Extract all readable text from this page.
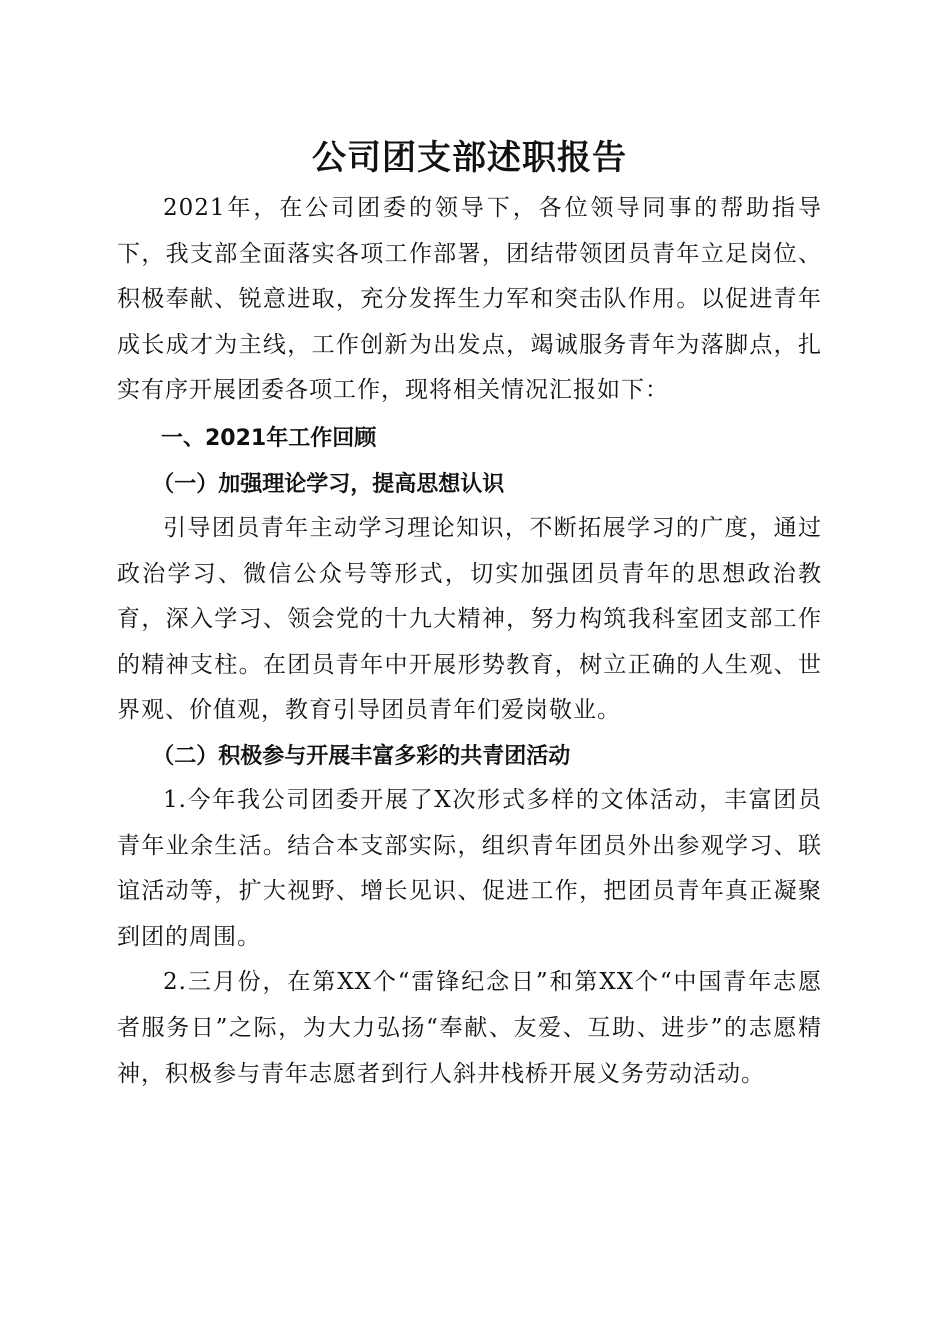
公司团支部述职报告

2021年，在公司团委的领导下，各位领导同事的帮助指导下，我支部全面落实各项工作部署，团结带领团员青年立足岗位、积极奉献、锐意进取，充分发挥生力军和突击队作用。以促进青年成长成才为主线，工作创新为出发点，竭诚服务青年为落脚点，扎实有序开展团委各项工作，现将相关情况汇报如下：

一、2021年工作回顾
（一）加强理论学习，提高思想认识

引导团员青年主动学习理论知识，不断拓展学习的广度，通过政治学习、微信公众号等形式，切实加强团员青年的思想政治教育，深入学习、领会党的十九大精神，努力构筑我科室团支部工作的精神支柱。在团员青年中开展形势教育，树立正确的人生观、世界观、价值观，教育引导团员青年们爱岗敬业。

（二）积极参与开展丰富多彩的共青团活动

1.今年我公司团委开展了X次形式多样的文体活动，丰富团员青年业余生活。结合本支部实际，组织青年团员外出参观学习、联谊活动等，扩大视野、增长见识、促进工作，把团员青年真正凝聚到团的周围。

2.三月份，在第XX个“雷锋纪念日”和第XX个“中国青年志愿者服务日”之际，为大力弘扬“奉献、友爱、互助、进步”的志愿精神，积极参与青年志愿者到行人斜井栈桥开展义务劳动活动。
